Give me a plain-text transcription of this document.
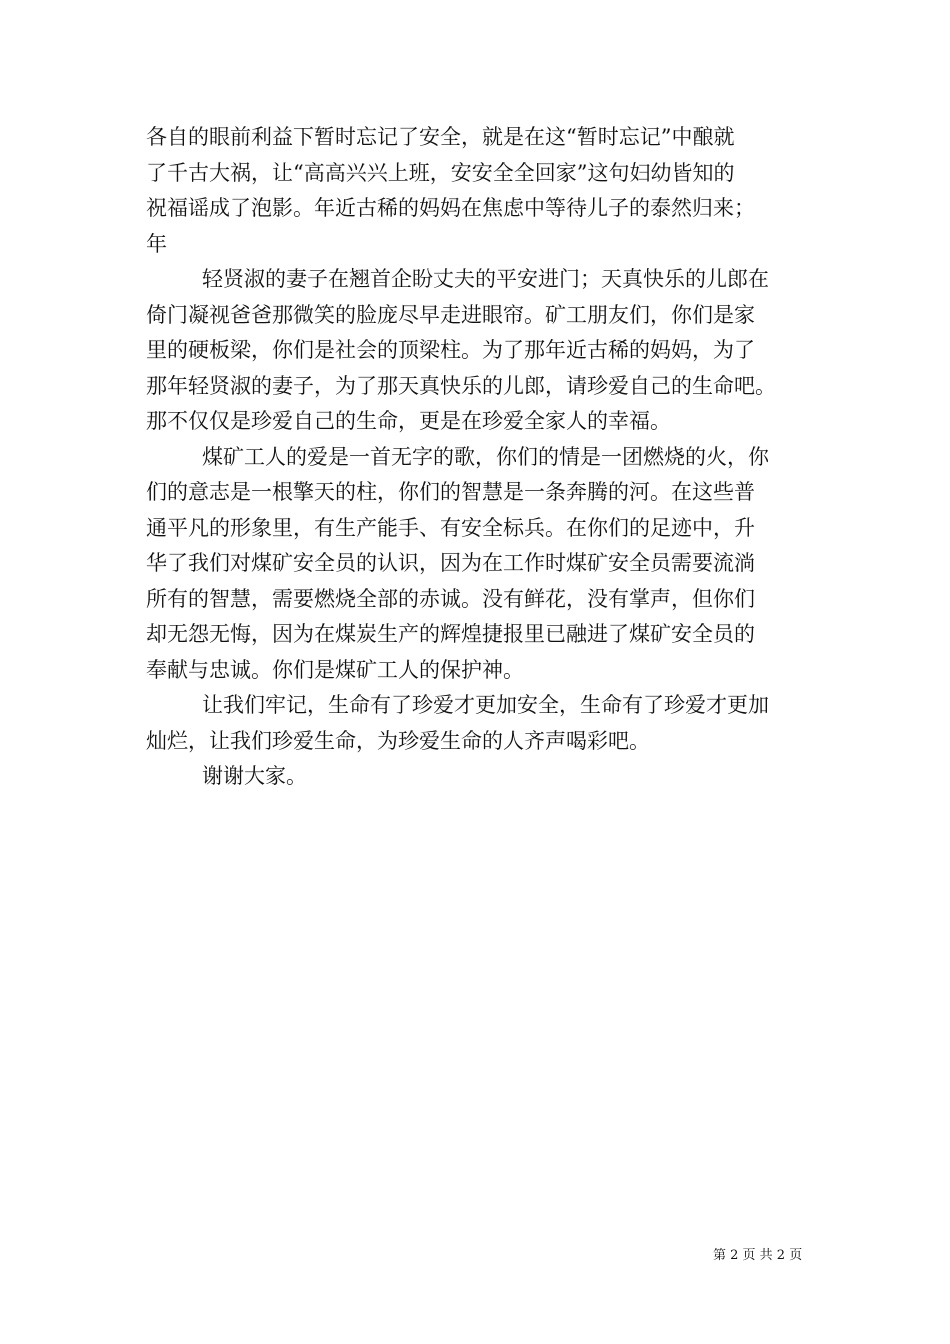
各自的眼前利益下暂时忘记了安全，就是在这“暂时忘记”中酿就
了千古大祸，让“高高兴兴上班，安安全全回家”这句妇幼皆知的
祝福谣成了泡影。年近古稀的妈妈在焦虑中等待儿子的泰然归来；
年
轻贤淑的妻子在翘首企盼丈夫的平安进门；天真快乐的儿郎在
倚门凝视爸爸那微笑的脸庞尽早走进眼帘。矿工朋友们，你们是家
里的硬板梁，你们是社会的顶梁柱。为了那年近古稀的妈妈，为了
那年轻贤淑的妻子，为了那天真快乐的儿郎，请珍爱自己的生命吧。
那不仅仅是珍爱自己的生命，更是在珍爱全家人的幸福。
煤矿工人的爱是一首无字的歌，你们的情是一团燃烧的火，你
们的意志是一根擎天的柱，你们的智慧是一条奔腾的河。在这些普
通平凡的形象里，有生产能手、有安全标兵。在你们的足迹中，升
华了我们对煤矿安全员的认识，因为在工作时煤矿安全员需要流淌
所有的智慧，需要燃烧全部的赤诚。没有鲜花，没有掌声，但你们
却无怨无悔，因为在煤炭生产的辉煌捷报里已融进了煤矿安全员的
奉献与忠诚。你们是煤矿工人的保护神。
让我们牢记，生命有了珍爱才更加安全，生命有了珍爱才更加
灿烂，让我们珍爱生命，为珍爱生命的人齐声喝彩吧。
谢谢大家。
第 2 页 共 2 页
